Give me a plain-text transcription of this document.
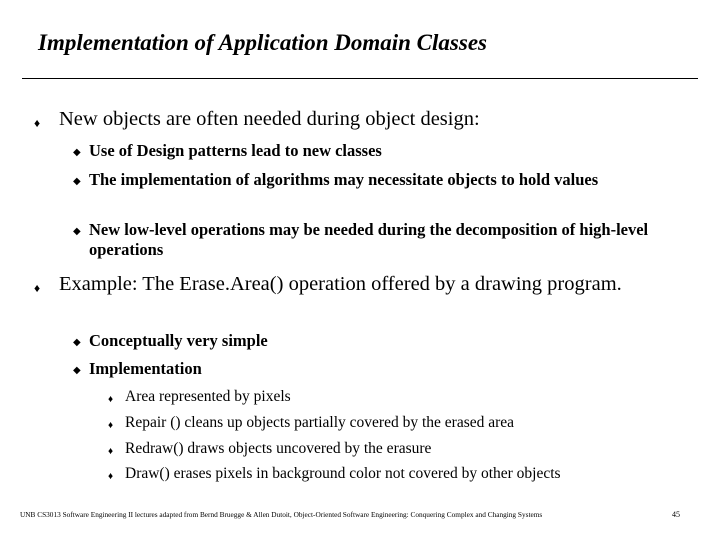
Implementation of Application Domain Classes
♦ New objects are often needed during object design:
◆ Use of Design patterns lead to new classes
◆ The implementation of algorithms may necessitate objects to hold values
◆ New low-level operations may be needed during the decomposition of high-level operations
♦ Example: The Erase.Area() operation offered by a drawing program.
◆ Conceptually very simple
◆ Implementation
♦ Area represented by pixels
♦ Repair () cleans up objects partially covered by the erased area
♦ Redraw() draws objects uncovered by the erasure
♦ Draw() erases pixels in background color not covered by other objects
UNB CS3013 Software Engineering II lectures adapted from Bernd Bruegge & Allen Dutoit, Object-Oriented Software Engineering: Conquering Complex and Changing Systems	45
